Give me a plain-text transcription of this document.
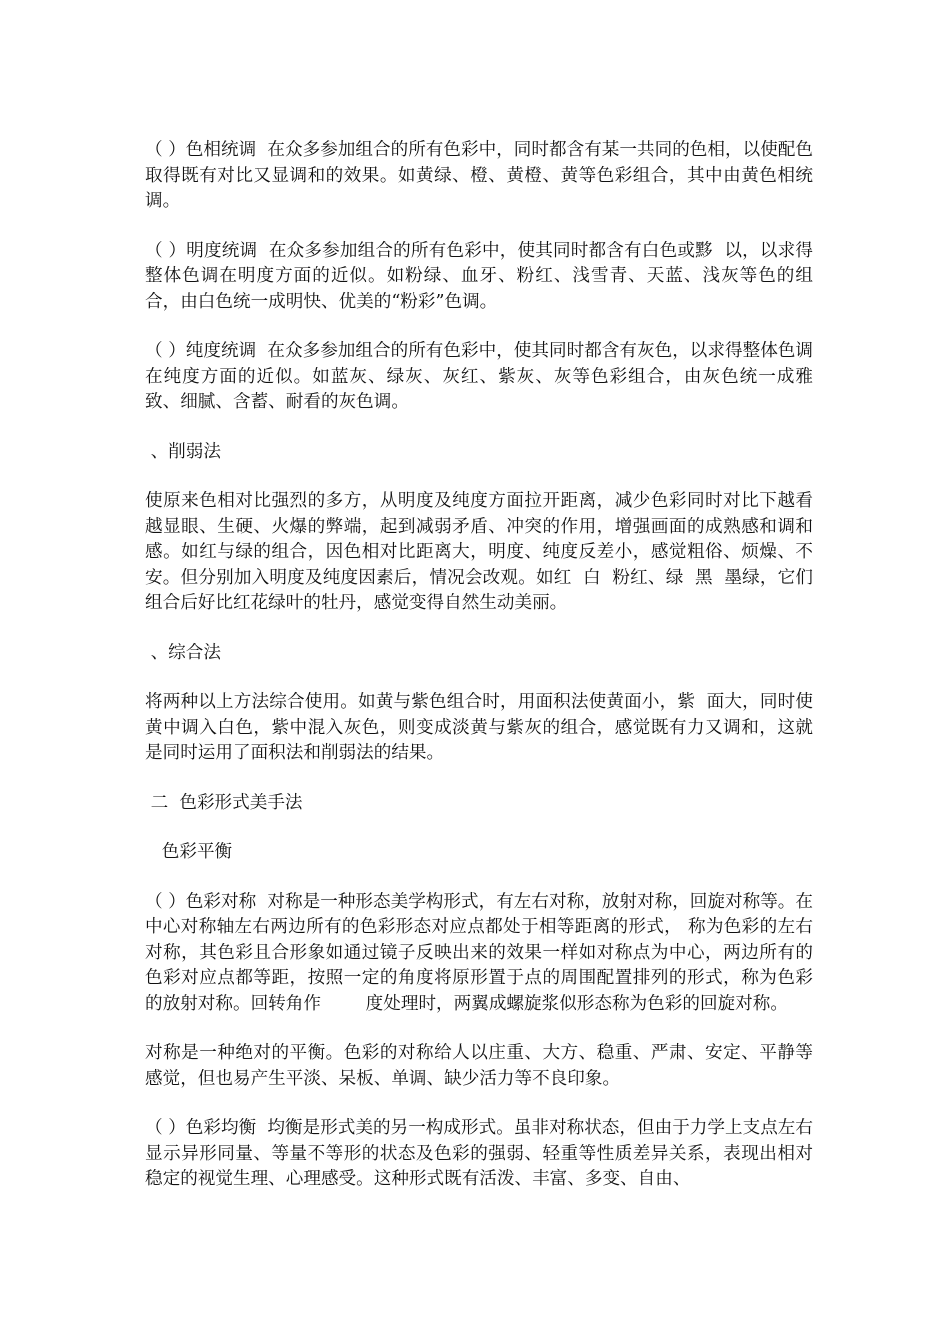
（ ）色相统调  在众多参加组合的所有色彩中，同时都含有某一共同的色相，以使配色取得既有对比又显调和的效果。如黄绿、橙、黄橙、黄等色彩组合，其中由黄色相统调。

（ ）明度统调  在众多参加组合的所有色彩中，使其同时都含有白色或黟  以，以求得整体色调在明度方面的近似。如粉绿、血牙、粉红、浅雪青、天蓝、浅灰等色的组合，由白色统一成明快、优美的“粉彩”色调。

（ ）纯度统调  在众多参加组合的所有色彩中，使其同时都含有灰色，以求得整体色调在纯度方面的近似。如蓝灰、绿灰、灰红、紫灰、灰等色彩组合，由灰色统一成雅致、细腻、含蓄、耐看的灰色调。

、削弱法

使原来色相对比强烈的多方，从明度及纯度方面拉开距离，减少色彩同时对比下越看越显眼、生硬、火爆的弊端，起到减弱矛盾、冲突的作用，增强画面的成熟感和调和感。如红与绿的组合，因色相对比距离大，明度、纯度反差小，感觉粗俗、烦燥、不安。但分别加入明度及纯度因素后，情况会改观。如红  白  粉红、绿  黑  墨绿，它们组合后好比红花绿叶的牡丹，感觉变得自然生动美丽。

、综合法

将两种以上方法综合使用。如黄与紫色组合时，用面积法使黄面小，紫  面大，同时使黄中调入白色，紫中混入灰色，则变成淡黄与紫灰的组合，感觉既有力又调和，这就是同时运用了面积法和削弱法的结果。

二  色彩形式美手法

色彩平衡

（ ）色彩对称  对称是一种形态美学构形式，有左右对称，放射对称，回旋对称等。在中心对称轴左右两边所有的色彩形态对应点都处于相等距离的形式， 称为色彩的左右对称，其色彩且合形象如通过镜子反映出来的效果一样如对称点为中心，两边所有的色彩对应点都等距，按照一定的角度将原形置于点的周围配置排列的形式，称为色彩的放射对称。回转角作        度处理时，两翼成螺旋浆似形态称为色彩的回旋对称。

对称是一种绝对的平衡。色彩的对称给人以庄重、大方、稳重、严肃、安定、平静等感觉，但也易产生平淡、呆板、单调、缺少活力等不良印象。

（ ）色彩均衡  均衡是形式美的另一构成形式。虽非对称状态，但由于力学上支点左右显示异形同量、等量不等形的状态及色彩的强弱、轻重等性质差异关系，表现出相对稳定的视觉生理、心理感受。这种形式既有活泼、丰富、多变、自由、
